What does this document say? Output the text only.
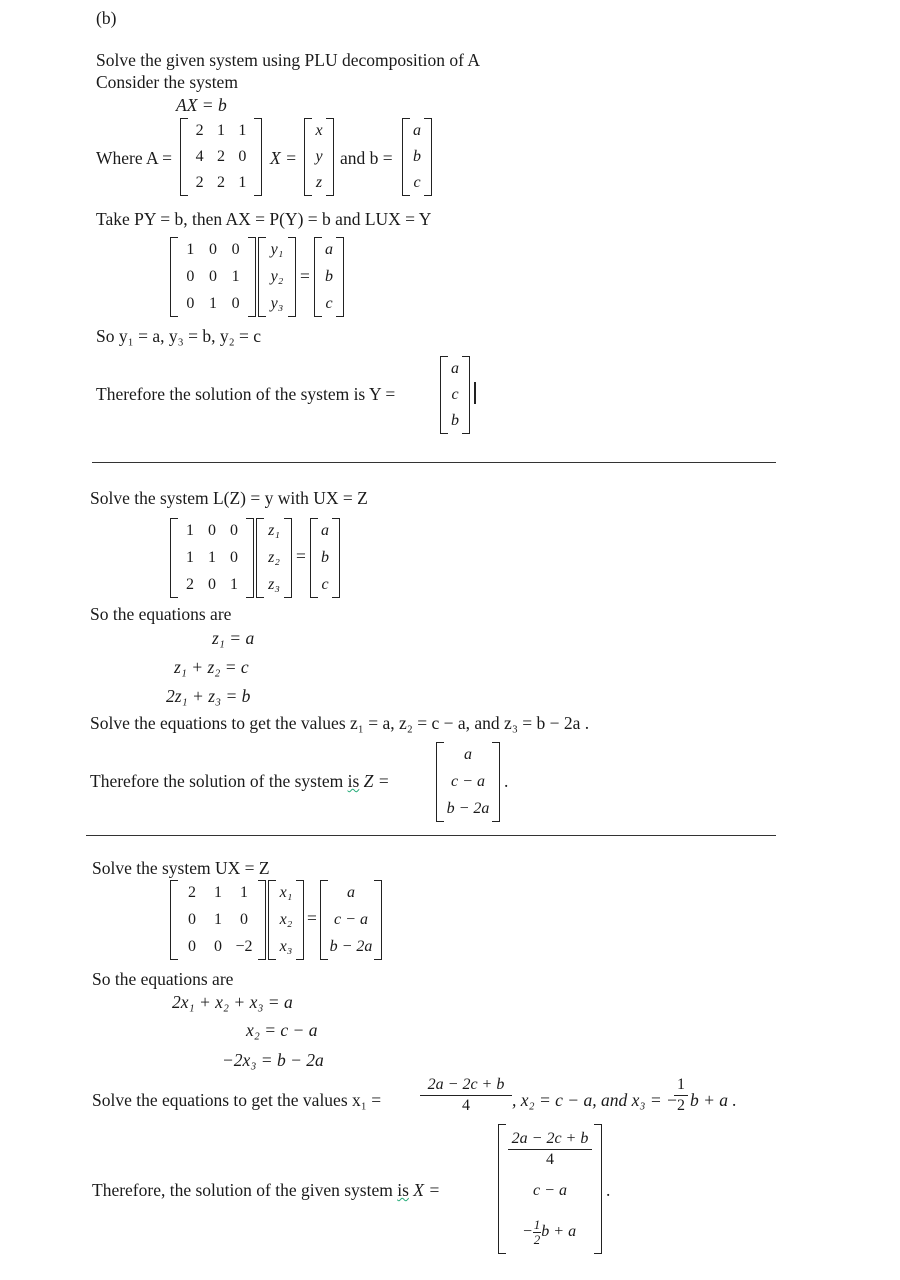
(b)
Solve the given system using PLU decomposition of A
Consider the system
AX = b
Where A =
2 1 1
4 2 0
2 2 1
X =
x
y
z
and b =
a
b
c
Take PY = b, then AX = P(Y) = b and LUX = Y
1 0 0
0 0 1
0 1 0
y₁
y₂
y₃
=
a
b
c
So y₁ = a, y₃ = b, y₂ = c
Therefore the solution of the system is Y =
a
c
b
Solve the system L(Z) = y with UX = Z
1 0 0
1 1 0
2 0 1
z₁
z₂
z₃
=
a
b
c
So the equations are
z₁ = a
z₁ + z₂ = c
2z₁ + z₃ = b
Solve the equations to get the values z₁ = a, z₂ = c − a, and z₃ = b − 2a .
Therefore the solution of the system is Z =
a
c − a
b − 2a
.
Solve the system UX = Z
2 1 1
0 1 0
0 0 −2
x₁
x₂
x₃
=
a
c − a
b − 2a
So the equations are
2x₁ + x₂ + x₃ = a
x₂ = c − a
−2x₃ = b − 2a
Solve the equations to get the values $x_1 = \frac{2a - 2c + b}{4}$ , x₂ = c − a, and x₃ = −
$\frac{1}{2}$ b + a .
Therefore, the solution of the given system is X =
$\frac{2a - 2c + b}{4}$
c − a
− $\frac{1}{2}$ b + a
.
